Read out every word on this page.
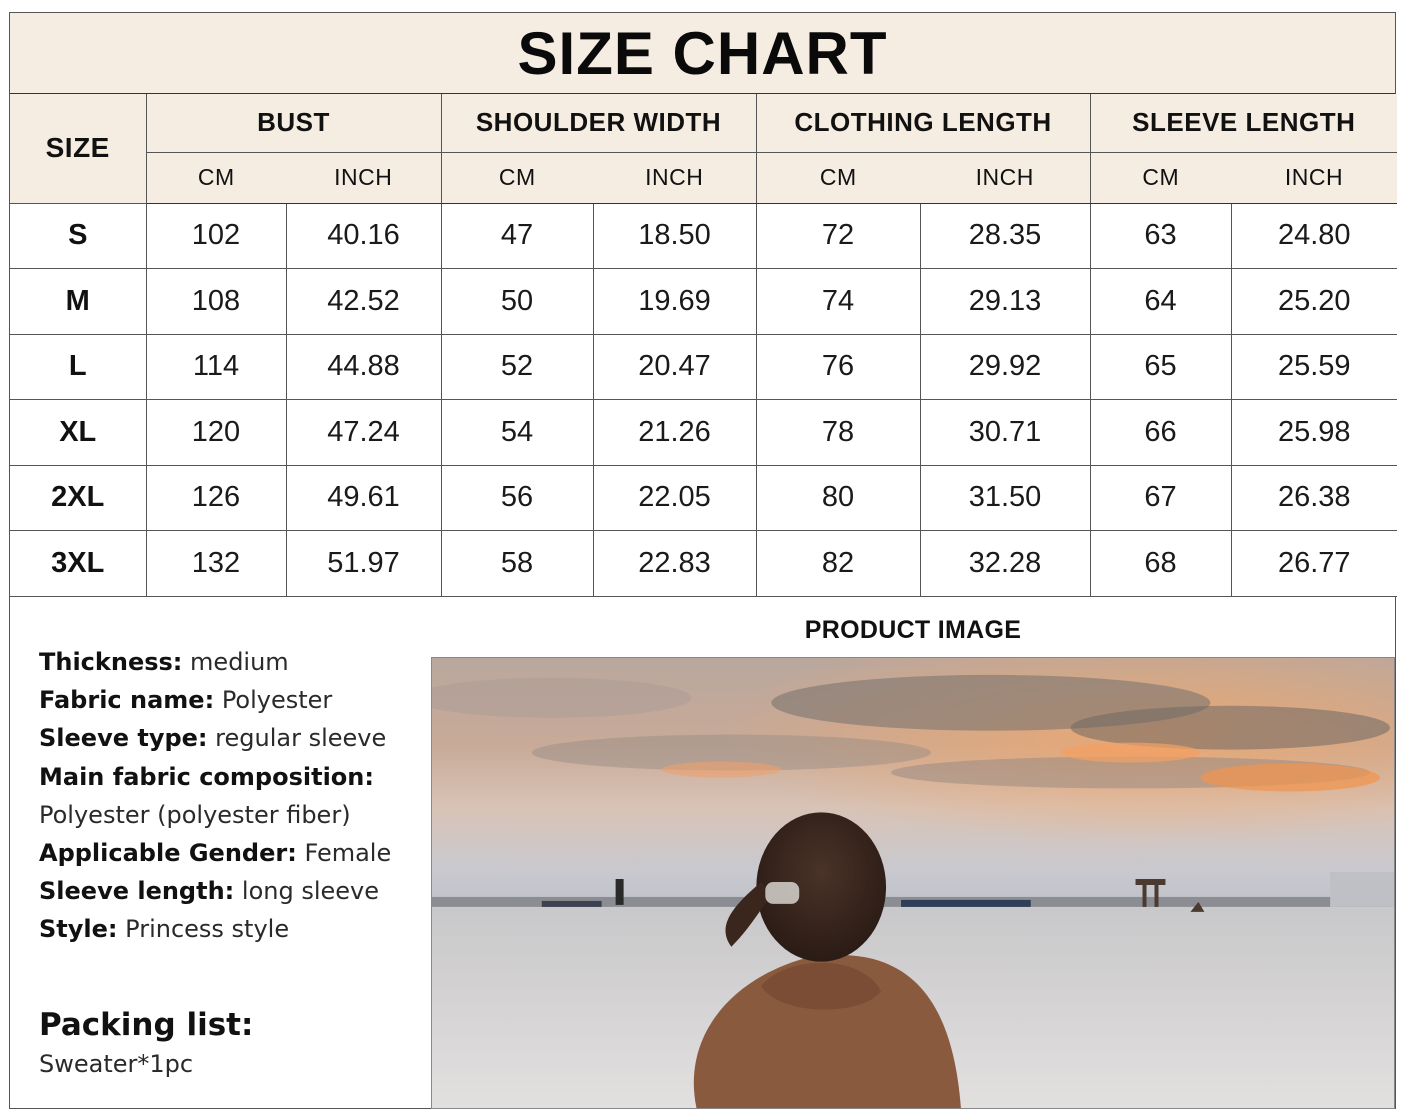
SIZE CHART
SIZE	BUST		SHOULDER WIDTH		CLOTHING LENGTH		SLEEVE LENGTH	
	CM	INCH	CM	INCH	CM	INCH	CM	INCH
S	102	40.16	47	18.50	72	28.35	63	24.80
M	108	42.52	50	19.69	74	29.13	64	25.20
L	114	44.88	52	20.47	76	29.92	65	25.59
XL	120	47.24	54	21.26	78	30.71	66	25.98
2XL	126	49.61	56	22.05	80	31.50	67	26.38
3XL	132	51.97	58	22.83	82	32.28	68	26.77
Thickness: medium
Fabric name: Polyester
Sleeve type: regular sleeve
Main fabric composition:
Polyester (polyester fiber)
Applicable Gender: Female
Sleeve length: long sleeve
Style: Princess style
Packing list:

Sweater*1pc

PRODUCT IMAGE
